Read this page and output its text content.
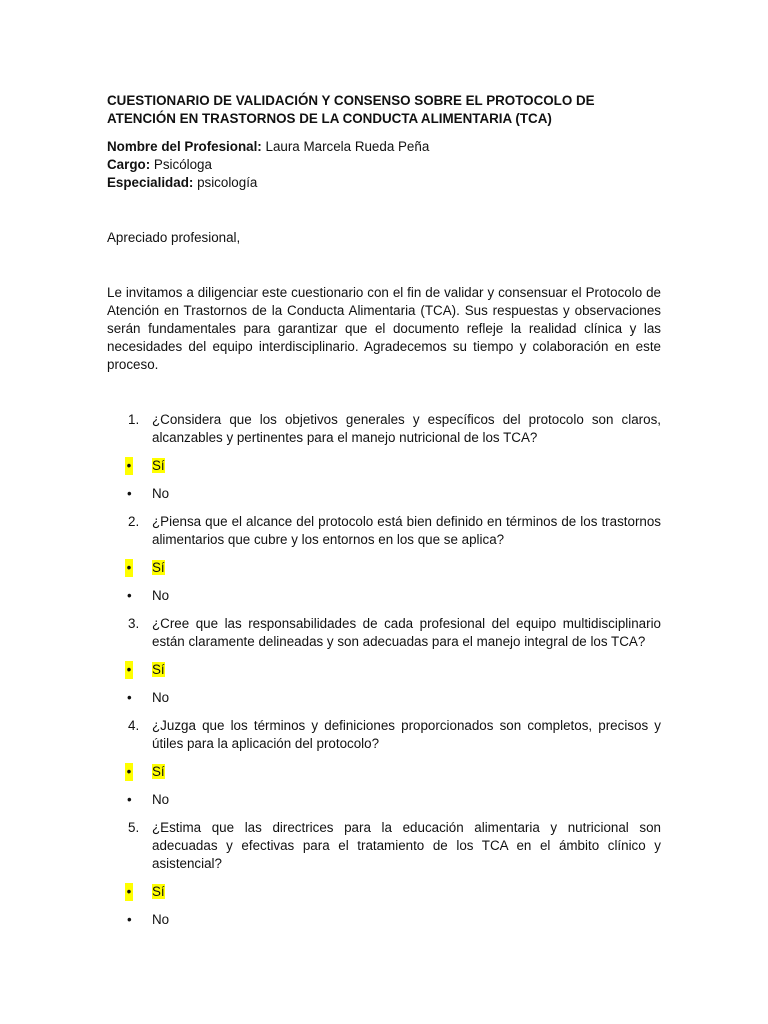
CUESTIONARIO DE VALIDACIÓN Y CONSENSO SOBRE EL PROTOCOLO DE
ATENCIÓN EN TRASTORNOS DE LA CONDUCTA ALIMENTARIA (TCA)

Nombre del Profesional: Laura Marcela Rueda Peña

Cargo: Psicóloga

Especialidad: psicología

Apreciado profesional,
Le invitamos a diligenciar este cuestionario con el fin de validar y consensuar el Protocolo de Atención en Trastornos de la Conducta Alimentaria (TCA). Sus respuestas y observaciones serán fundamentales para garantizar que el documento refleje la realidad clínica y las necesidades del equipo interdisciplinario. Agradecemos su tiempo y colaboración en este proceso.
1. ¿Considera que los objetivos generales y específicos del protocolo son claros, alcanzables y pertinentes para el manejo nutricional de los TCA?
• Sí
• No
2. ¿Piensa que el alcance del protocolo está bien definido en términos de los trastornos alimentarios que cubre y los entornos en los que se aplica?
• Sí
• No
3. ¿Cree que las responsabilidades de cada profesional del equipo multidisciplinario están claramente delineadas y son adecuadas para el manejo integral de los TCA?
• Sí
• No
4. ¿Juzga que los términos y definiciones proporcionados son completos, precisos y útiles para la aplicación del protocolo?
• Sí
• No
5. ¿Estima que las directrices para la educación alimentaria y nutricional son adecuadas y efectivas para el tratamiento de los TCA en el ámbito clínico y asistencial?
• Sí
• No
